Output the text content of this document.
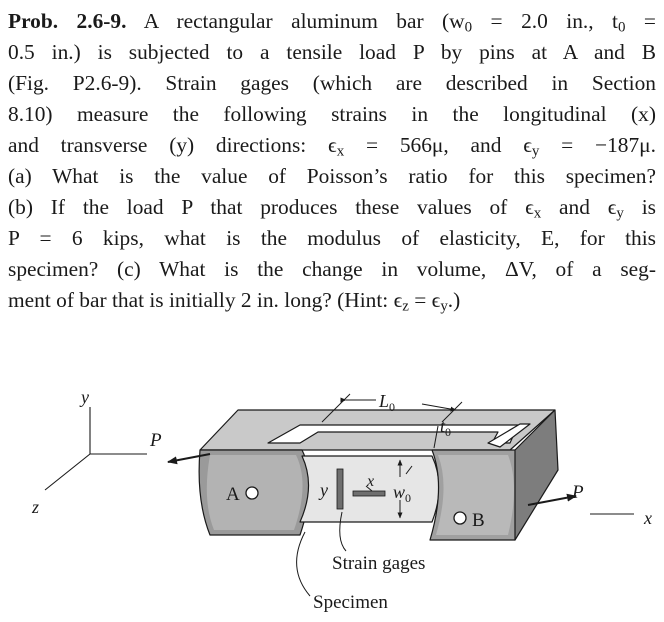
Prob. 2.6-9. A rectangular aluminum bar ($w_0 = 2.0$ in., $t_0$ =
0.5 in.) is subjected to a tensile load P by pins at A and B
(Fig. P2.6-9). Strain gages (which are described in Section
8.10) measure the following strains in the longitudinal (x)
and transverse (y) directions: $\epsilon_x = 566\mu$, and $\epsilon_y = -187\mu$.
(a) What is the value of Poisson’s ratio for this specimen?
(b) If the load P that produces these values of $\epsilon_x$ and $\epsilon_y$ is
P = 6 kips, what is the modulus of elasticity, E, for this
specimen? (c) What is the change in volume, ΔV, of a seg-
ment of bar that is initially 2 in. long? (Hint: $\epsilon_z = \epsilon_y$.)
y
z
x
A
B
P
P
$L_0$
$t_0$
$w_0$
y x
Strain gages
Specimen
